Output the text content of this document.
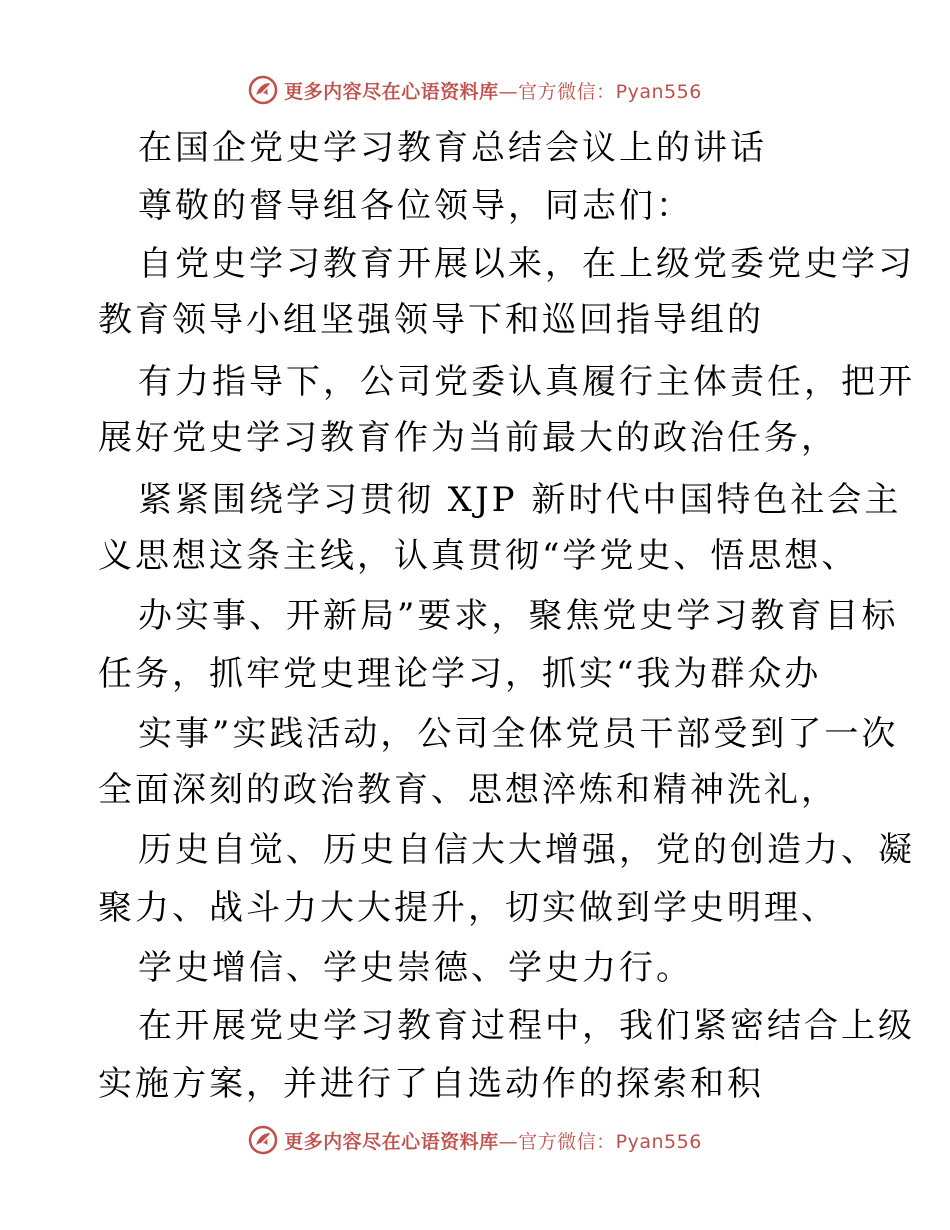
更多内容尽在心语资料库—官方微信：Pyan556
在国企党史学习教育总结会议上的讲话
尊敬的督导组各位领导，同志们：
自党史学习教育开展以来，在上级党委党史学习
教育领导小组坚强领导下和巡回指导组的
有力指导下，公司党委认真履行主体责任，把开
展好党史学习教育作为当前最大的政治任务，
紧紧围绕学习贯彻 XJP 新时代中国特色社会主
义思想这条主线，认真贯彻“学党史、悟思想、
办实事、开新局”要求，聚焦党史学习教育目标
任务，抓牢党史理论学习，抓实“我为群众办
实事”实践活动，公司全体党员干部受到了一次
全面深刻的政治教育、思想淬炼和精神洗礼，
历史自觉、历史自信大大增强，党的创造力、凝
聚力、战斗力大大提升，切实做到学史明理、
学史增信、学史崇德、学史力行。
在开展党史学习教育过程中，我们紧密结合上级
实施方案，并进行了自选动作的探索和积
更多内容尽在心语资料库—官方微信：Pyan556
